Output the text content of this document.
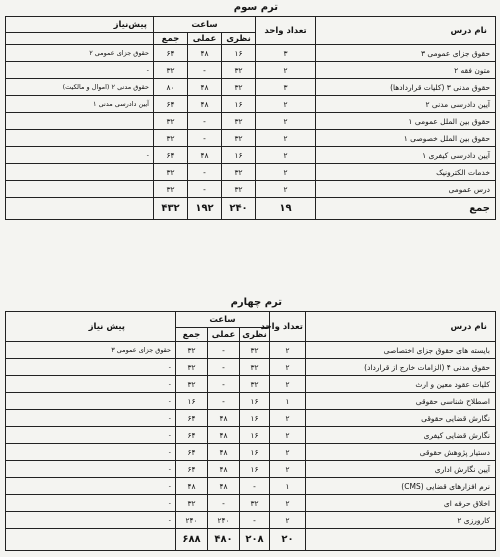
ترم سوم
نام درس	تعداد واحد	ساعت			پیش‌نیاز
		نظری	عملی	جمع	
حقوق جزای عمومی ۳	۳	۱۶	۴۸	۶۴	حقوق جزای عمومی ۲
متون فقه ۲	۲	۳۲	-	۳۲	-
حقوق مدنی ۳ (کلیات قراردادها)	۳	۳۲	۴۸	۸۰	حقوق مدنی ۲ (اموال و مالکیت)
آیین دادرسی مدنی ۲	۲	۱۶	۴۸	۶۴	آیین دادرسی مدنی ۱
حقوق بین الملل عمومی ۱	۲	۳۲	-	۳۲	
حقوق بین الملل خصوصی ۱	۲	۳۲	-	۳۲	
آیین دادرسی کیفری ۱	۲	۱۶	۴۸	۶۴	-
خدمات الکترونیک	۲	۳۲	-	۳۲	
درس عمومی	۲	۳۲	-	۳۲	
جمع	۱۹	۲۴۰	۱۹۲	۴۳۲	
ترم چهارم
نام درس	تعداد واحد	ساعت			پیش نیاز
		نظری	عملی	جمع	
بایسته های حقوق جزای اختصاصی	۲	۳۲	-	۳۲	حقوق جزای عمومی ۳
حقوق مدنی ۴ (الزامات خارج از قرارداد)	۲	۳۲	-	۳۲	-
کلیات عقود معین و ارث	۲	۳۲	-	۳۲	-
اصطلاح شناسی حقوقی	۱	۱۶	-	۱۶	-
نگارش قضایی حقوقی	۲	۱۶	۴۸	۶۴	-
نگارش قضایی کیفری	۲	۱۶	۴۸	۶۴	-
دستیار پژوهش حقوقی	۲	۱۶	۴۸	۶۴	-
آیین نگارش اداری	۲	۱۶	۴۸	۶۴	-
نرم افزارهای قضایی (CMS)	۱	-	۴۸	۴۸	-
اخلاق حرفه ای	۲	۳۲	-	۳۲	-
کارورزی ۲	۲	-	۲۴۰	۲۴۰	-
	۲۰	۲۰۸	۴۸۰	۶۸۸	
